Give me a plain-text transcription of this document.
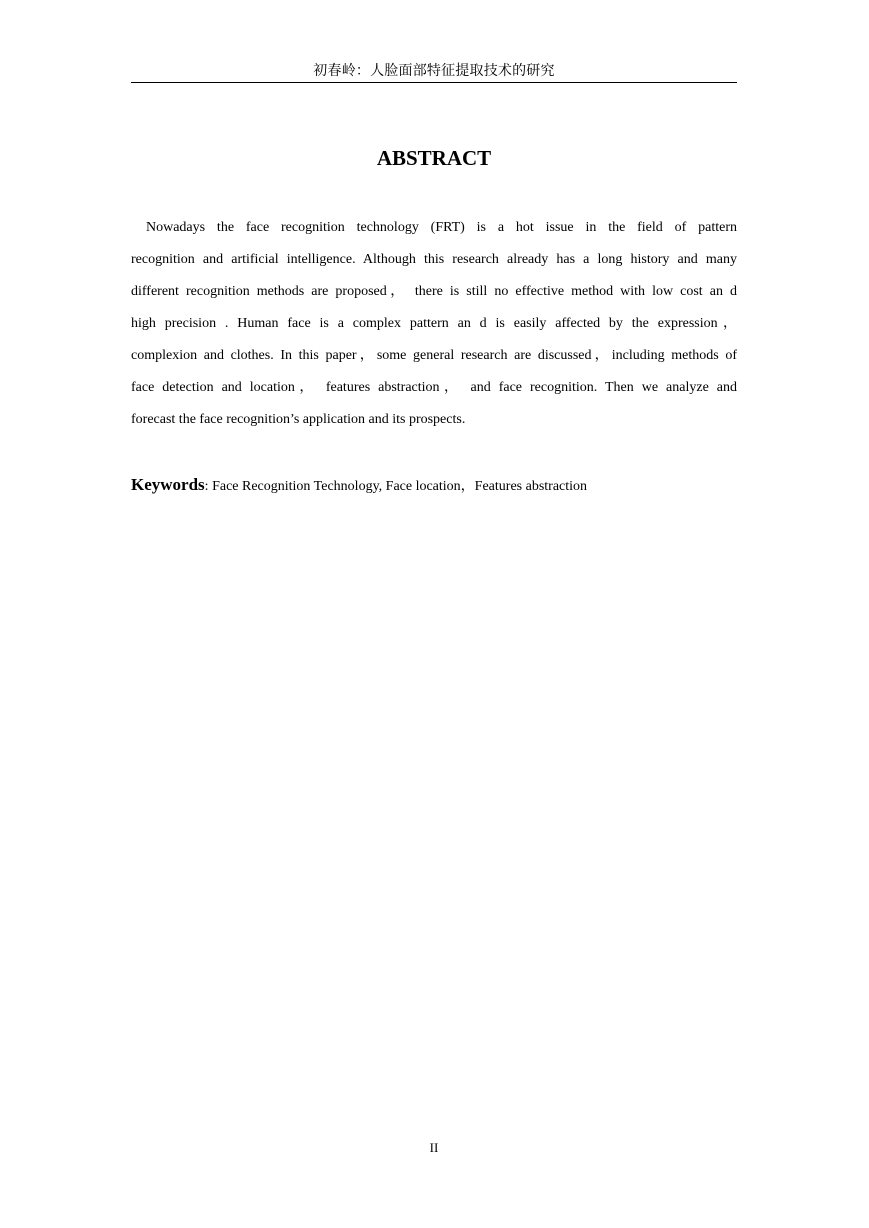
初春岭：人脸面部特征提取技术的研究
ABSTRACT
Nowadays the face recognition technology (FRT) is a hot issue in the field of pattern
recognition and artificial intelligence. Although this research already has a long history and many
different recognition methods are proposed， there is still no effective method with low cost an d
high precision . Human face is a complex pattern an d is easily affected by the expression，
complexion and clothes. In this paper，some general research are discussed，including methods of
face detection and location， features abstraction， and face recognition. Then we analyze and
forecast the face recognition’s application and its prospects.
Keywords: Face Recognition Technology, Face location，Features abstraction
II
